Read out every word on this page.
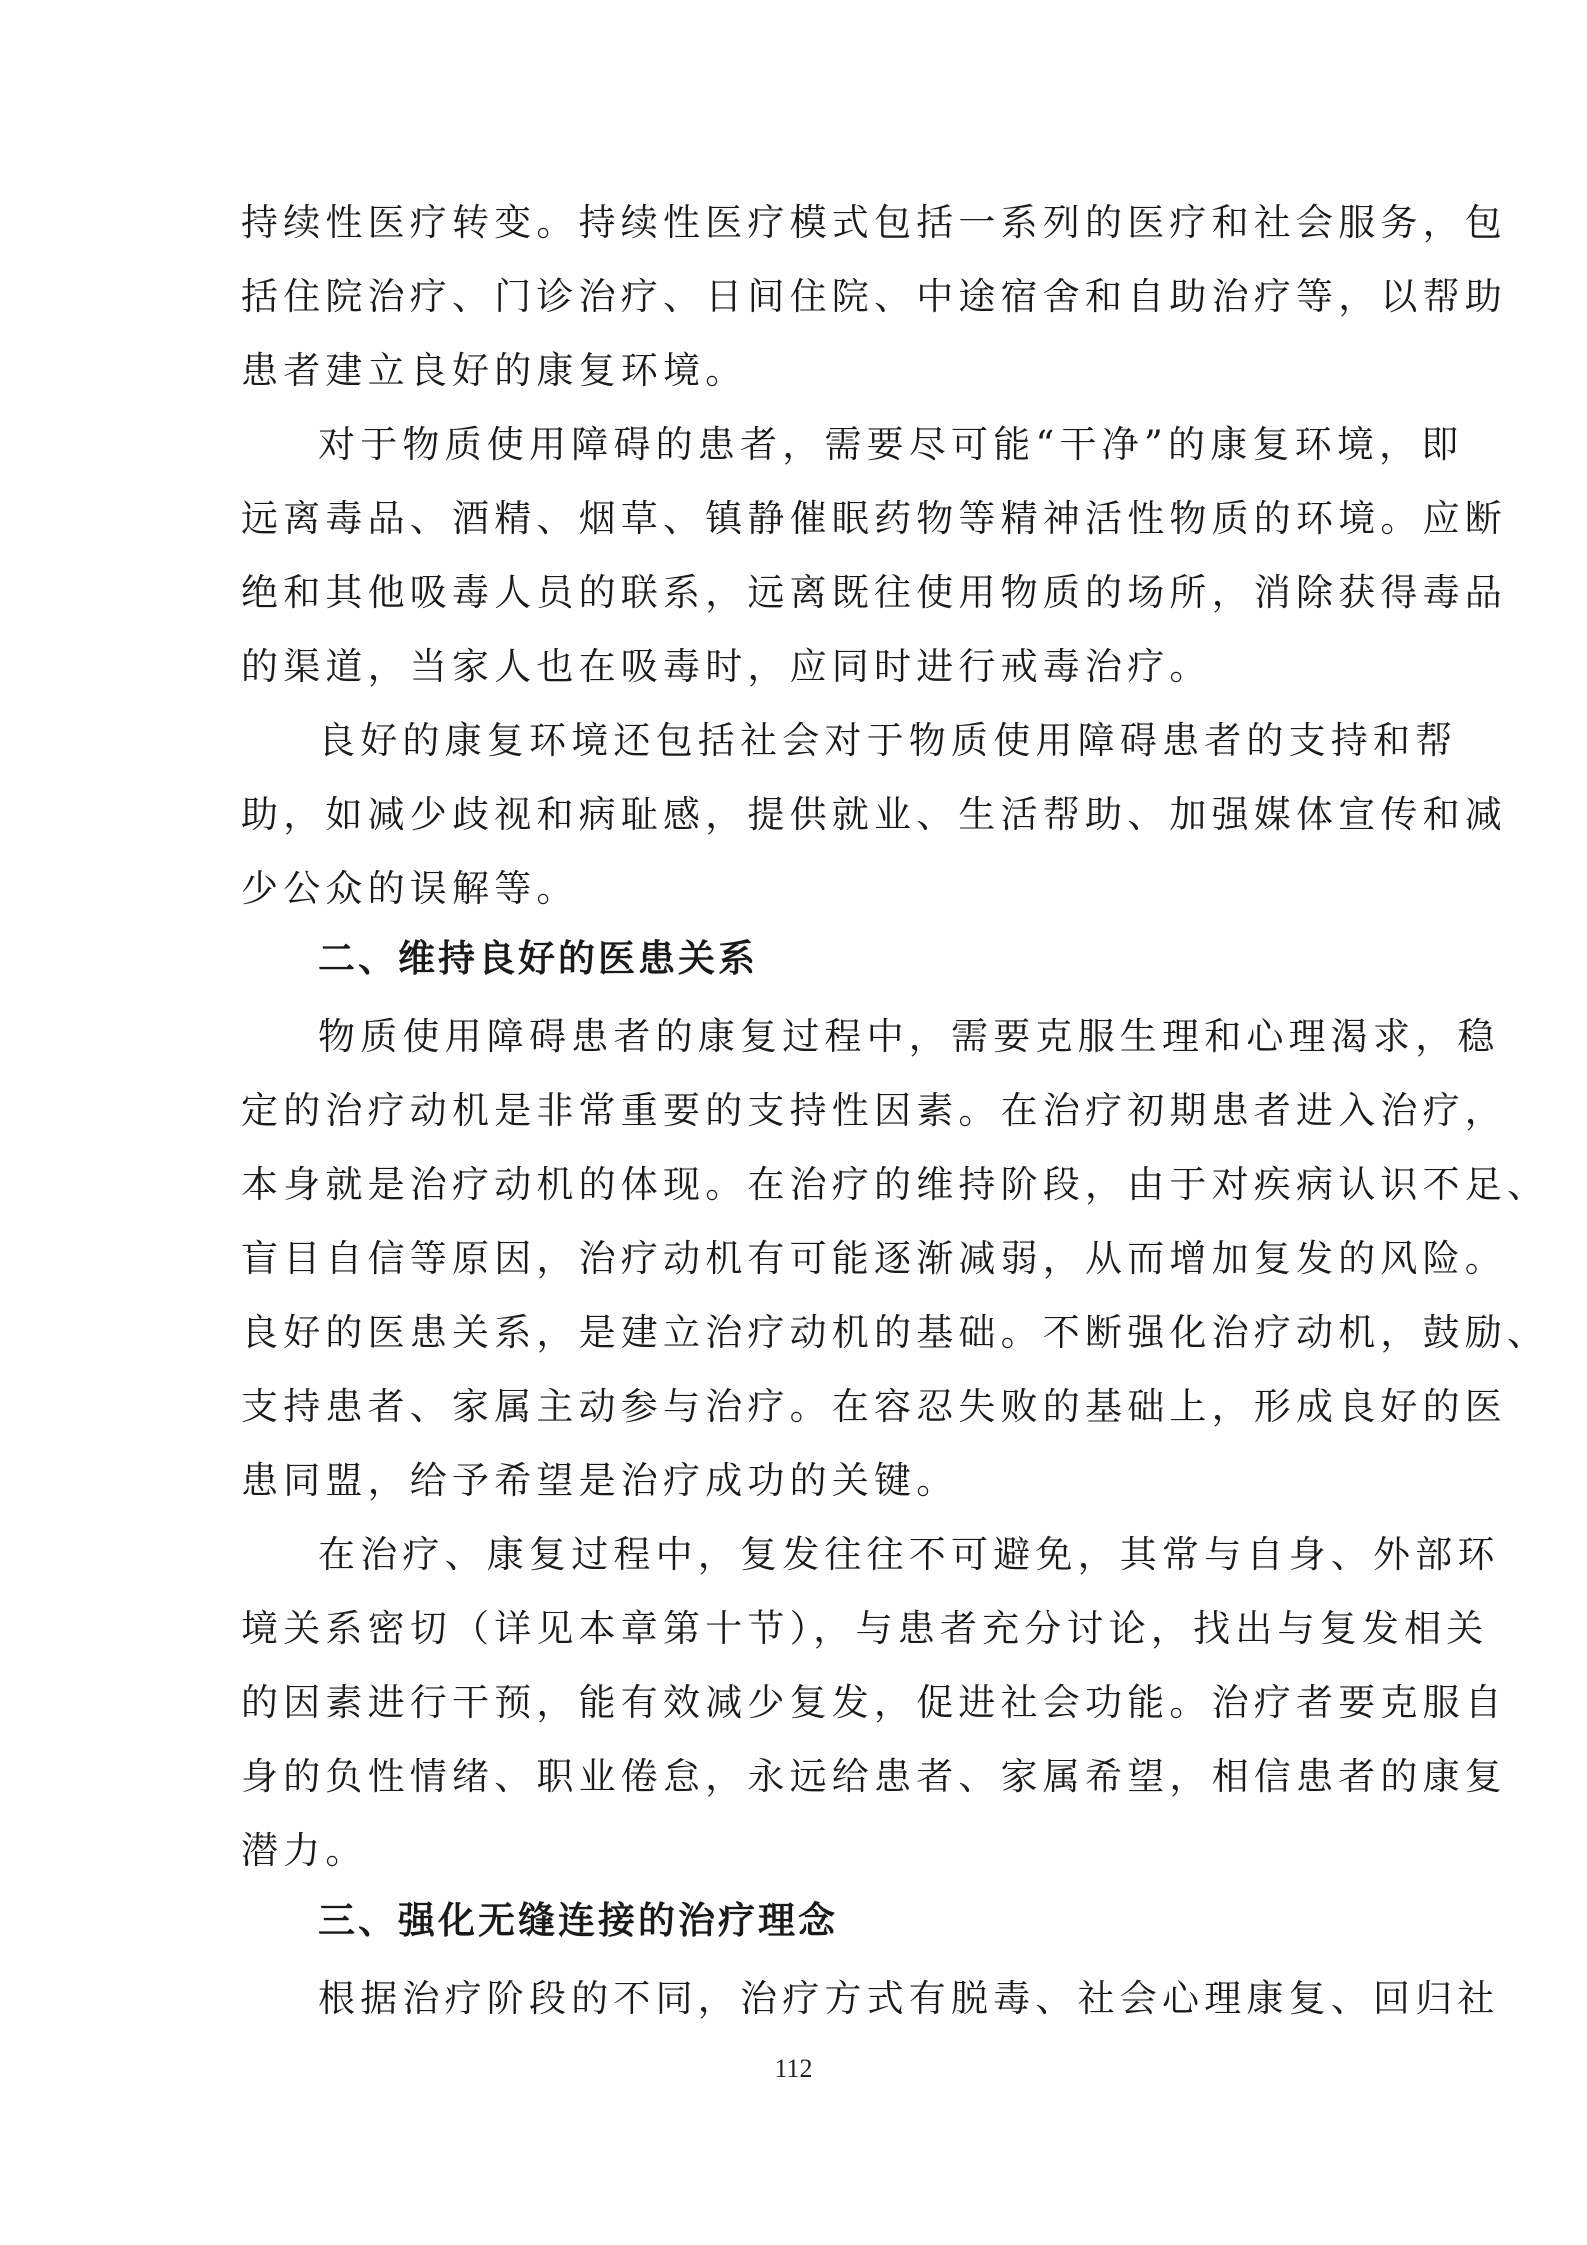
持续性医疗转变。持续性医疗模式包括一系列的医疗和社会服务，包
括住院治疗、门诊治疗、日间住院、中途宿舍和自助治疗等，以帮助
患者建立良好的康复环境。
对于物质使用障碍的患者，需要尽可能“干净”的康复环境，即
远离毒品、酒精、烟草、镇静催眠药物等精神活性物质的环境。应断
绝和其他吸毒人员的联系，远离既往使用物质的场所，消除获得毒品
的渠道，当家人也在吸毒时，应同时进行戒毒治疗。
良好的康复环境还包括社会对于物质使用障碍患者的支持和帮
助，如减少歧视和病耻感，提供就业、生活帮助、加强媒体宣传和减
少公众的误解等。
二、维持良好的医患关系
物质使用障碍患者的康复过程中，需要克服生理和心理渴求，稳
定的治疗动机是非常重要的支持性因素。在治疗初期患者进入治疗，
本身就是治疗动机的体现。在治疗的维持阶段，由于对疾病认识不足、
盲目自信等原因，治疗动机有可能逐渐减弱，从而增加复发的风险。
良好的医患关系，是建立治疗动机的基础。不断强化治疗动机，鼓励、
支持患者、家属主动参与治疗。在容忍失败的基础上，形成良好的医
患同盟，给予希望是治疗成功的关键。
在治疗、康复过程中，复发往往不可避免，其常与自身、外部环
境关系密切（详见本章第十节），与患者充分讨论，找出与复发相关
的因素进行干预，能有效减少复发，促进社会功能。治疗者要克服自
身的负性情绪、职业倦怠，永远给患者、家属希望，相信患者的康复
潜力。
三、强化无缝连接的治疗理念
根据治疗阶段的不同，治疗方式有脱毒、社会心理康复、回归社
112
